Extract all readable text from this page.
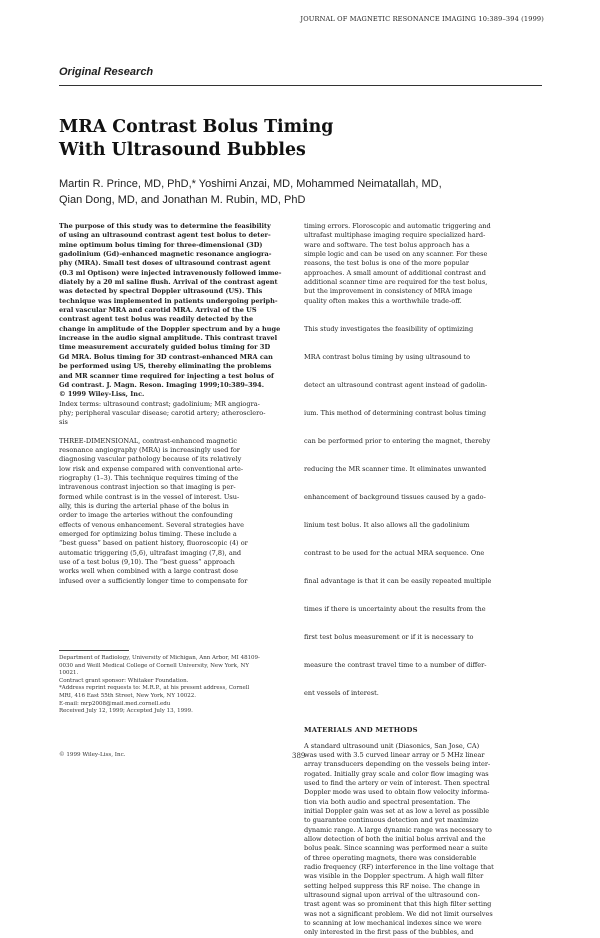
JOURNAL OF MAGNETIC RESONANCE IMAGING 10:389–394 (1999)
Original Research
MRA Contrast Bolus Timing
With Ultrasound Bubbles
Martin R. Prince, MD, PhD,* Yoshimi Anzai, MD, Mohammed Neimatallah, MD,
Qian Dong, MD, and Jonathan M. Rubin, MD, PhD
The purpose of this study was to determine the feasibility
of using an ultrasound contrast agent test bolus to deter-
mine optimum bolus timing for three-dimensional (3D)
gadolinium (Gd)-enhanced magnetic resonance angiogra-
phy (MRA). Small test doses of ultrasound contrast agent
(0.3 ml Optison) were injected intravenously followed imme-
diately by a 20 ml saline flush. Arrival of the contrast agent
was detected by spectral Doppler ultrasound (US). This
technique was implemented in patients undergoing periph-
eral vascular MRA and carotid MRA. Arrival of the US
contrast agent test bolus was readily detected by the
change in amplitude of the Doppler spectrum and by a huge
increase in the audio signal amplitude. This contrast travel
time measurement accurately guided bolus timing for 3D
Gd MRA. Bolus timing for 3D contrast-enhanced MRA can
be performed using US, thereby eliminating the problems
and MR scanner time required for injecting a test bolus of
Gd contrast. J. Magn. Reson. Imaging 1999;10:389–394.
© 1999 Wiley-Liss, Inc.
Index terms: ultrasound contrast; gadolinium; MR angiogra-
phy; peripheral vascular disease; carotid artery; atherosclero-
sis
THREE-DIMENSIONAL, contrast-enhanced magnetic
resonance angiography (MRA) is increasingly used for
diagnosing vascular pathology because of its relatively
low risk and expense compared with conventional arte-
riography (1–3). This technique requires timing of the
intravenous contrast injection so that imaging is per-
formed while contrast is in the vessel of interest. Usu-
ally, this is during the arterial phase of the bolus in
order to image the arteries without the confounding
effects of venous enhancement. Several strategies have
emerged for optimizing bolus timing. These include a
“best guess” based on patient history, fluoroscopic (4) or
automatic triggering (5,6), ultrafast imaging (7,8), and
use of a test bolus (9,10). The “best guess” approach
works well when combined with a large contrast dose
infused over a sufficiently longer time to compensate for
Department of Radiology, University of Michigan, Ann Arbor, MI 48109-
0030 and Weill Medical College of Cornell University, New York, NY
10021.
Contract grant sponsor: Whitaker Foundation.
*Address reprint requests to: M.R.P., at his present address, Cornell
MRI, 416 East 55th Street, New York, NY 10022.
E-mail: mrp2008@mail.med.cornell.edu
Received July 12, 1999; Accepted July 13, 1999.
© 1999 Wiley-Liss, Inc.	389
timing errors. Floroscopic and automatic triggering and
ultrafast multiphase imaging require specialized hard-
ware and software. The test bolus approach has a
simple logic and can be used on any scanner. For these
reasons, the test bolus is one of the more popular
approaches. A small amount of additional contrast and
additional scanner time are required for the test bolus,
but the improvement in consistency of MRA image
quality often makes this a worthwhile trade-off.

This study investigates the feasibility of optimizing

MRA contrast bolus timing by using ultrasound to

detect an ultrasound contrast agent instead of gadolin-

ium. This method of determining contrast bolus timing

can be performed prior to entering the magnet, thereby

reducing the MR scanner time. It eliminates unwanted

enhancement of background tissues caused by a gado-

linium test bolus. It also allows all the gadolinium

contrast to be used for the actual MRA sequence. One

final advantage is that it can be easily repeated multiple

times if there is uncertainty about the results from the

first test bolus measurement or if it is necessary to

measure the contrast travel time to a number of differ-

ent vessels of interest.

MATERIALS AND METHODS
A standard ultrasound unit (Diasonics, San Jose, CA)
was used with 3.5 curved linear array or 5 MHz linear
array transducers depending on the vessels being inter-
rogated. Initially gray scale and color flow imaging was
used to find the artery or vein of interest. Then spectral
Doppler mode was used to obtain flow velocity informa-
tion via both audio and spectral presentation. The
initial Doppler gain was set at as low a level as possible
to guarantee continuous detection and yet maximize
dynamic range. A large dynamic range was necessary to
allow detection of both the initial bolus arrival and the
bolus peak. Since scanning was performed near a suite
of three operating magnets, there was considerable
radio frequency (RF) interference in the line voltage that
was visible in the Doppler spectrum. A high wall filter
setting helped suppress this RF noise. The change in
ultrasound signal upon arrival of the ultrasound con-
trast agent was so prominent that this high filter setting
was not a significant problem. We did not limit ourselves
to scanning at low mechanical indexes since we were
only interested in the first pass of the bubbles, and
